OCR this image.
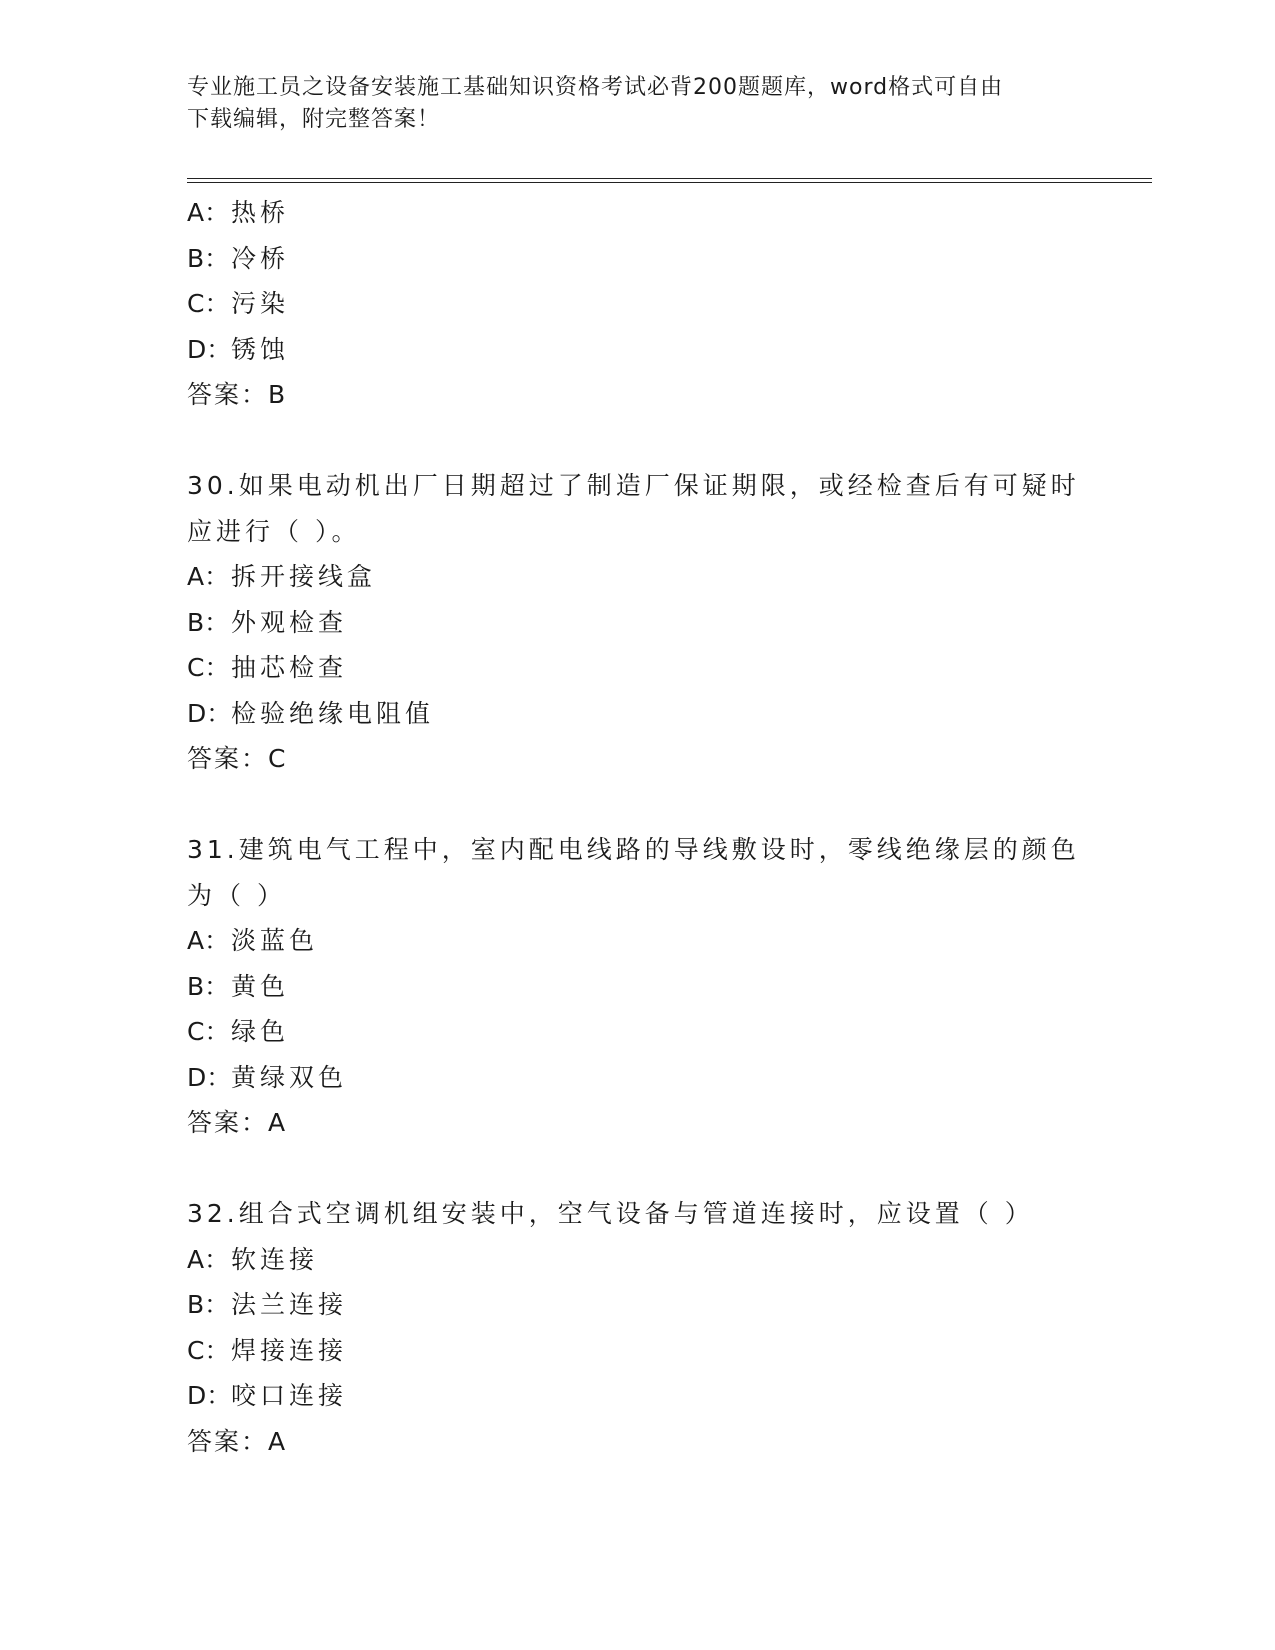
专业施工员之设备安装施工基础知识资格考试必背200题题库，word格式可自由
下载编辑，附完整答案！
A：热桥
B：冷桥
C：污染
D：锈蚀
答案：B
30.如果电动机出厂日期超过了制造厂保证期限，或经检查后有可疑时
应进行（ ）。
A：拆开接线盒
B：外观检查
C：抽芯检查
D：检验绝缘电阻值
答案：C
31.建筑电气工程中，室内配电线路的导线敷设时，零线绝缘层的颜色
为（ ）
A：淡蓝色
B：黄色
C：绿色
D：黄绿双色
答案：A
32.组合式空调机组安装中，空气设备与管道连接时，应设置（ ）
A：软连接
B：法兰连接
C：焊接连接
D：咬口连接
答案：A
